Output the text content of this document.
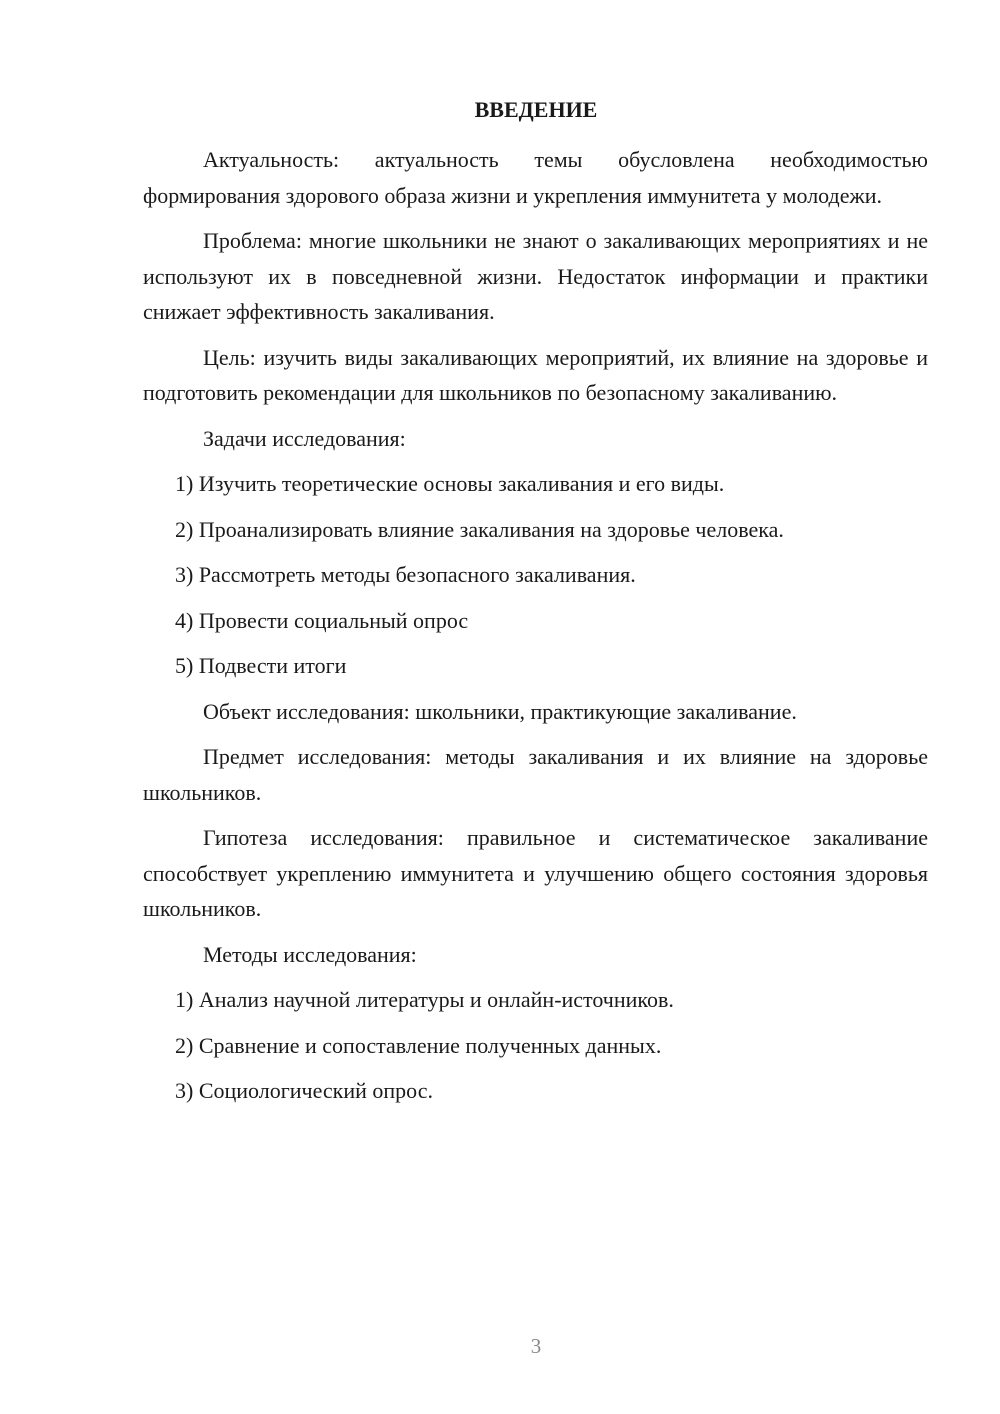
ВВЕДЕНИЕ

Актуальность: актуальность темы обусловлена необходимостью формирования здорового образа жизни и укрепления иммунитета у молодежи.

Проблема: многие школьники не знают о закаливающих мероприятиях и не используют их в повседневной жизни. Недостаток информации и практики снижает эффективность закаливания.

Цель: изучить виды закаливающих мероприятий, их влияние на здоровье и подготовить рекомендации для школьников по безопасному закаливанию.

Задачи исследования:

1) Изучить теоретические основы закаливания и его виды.
2) Проанализировать влияние закаливания на здоровье человека.
3) Рассмотреть методы безопасного закаливания.
4) Провести социальный опрос
5) Подвести итоги

Объект исследования: школьники, практикующие закаливание.

Предмет исследования: методы закаливания и их влияние на здоровье школьников.

Гипотеза исследования: правильное и систематическое закаливание способствует укреплению иммунитета и улучшению общего состояния здоровья школьников.

Методы исследования:

1) Анализ научной литературы и онлайн-источников.
2) Сравнение и сопоставление полученных данных.
3) Социологический опрос.
3
